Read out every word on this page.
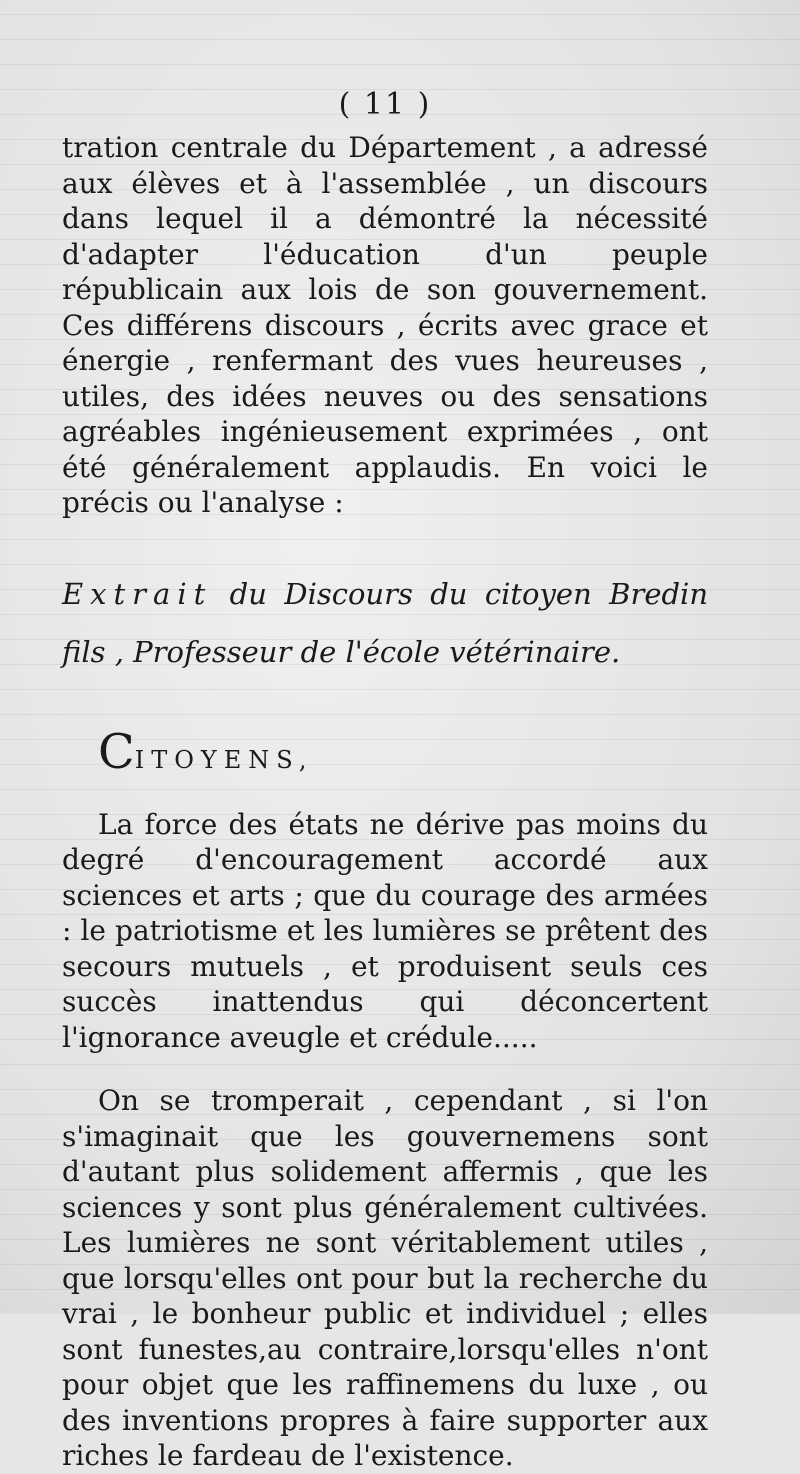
( 11 )

tration centrale du Département , a adressé aux élèves et à l'assemblée , un discours dans lequel il a démontré la nécessité d'adapter l'éducation d'un peuple républicain aux lois de son gouvernement. Ces différens discours , écrits avec grace et énergie , renfermant des vues heureuses , utiles, des idées neuves ou des sensations agréables ingénieusement exprimées , ont été généralement applaudis. En voici le précis ou l'analyse :

Extrait du Discours du citoyen Bredin fils , Professeur de l'école vétérinaire.
CITOYENS,

La force des états ne dérive pas moins du degré d'encouragement accordé aux sciences et arts ; que du courage des armées : le patriotisme et les lumières se prêtent des secours mutuels , et produisent seuls ces succès inattendus qui déconcertent l'ignorance aveugle et crédule.....

On se tromperait , cependant , si l'on s'imaginait que les gouvernemens sont d'autant plus solidement affermis , que les sciences y sont plus généralement cultivées. Les lumières ne sont véritablement utiles , que lorsqu'elles ont pour but la recherche du vrai , le bonheur public et individuel ; elles sont funestes,au contraire,lorsqu'elles n'ont pour objet que les raffinemens du luxe , ou des inventions propres à faire supporter aux riches le fardeau de l'existence.
